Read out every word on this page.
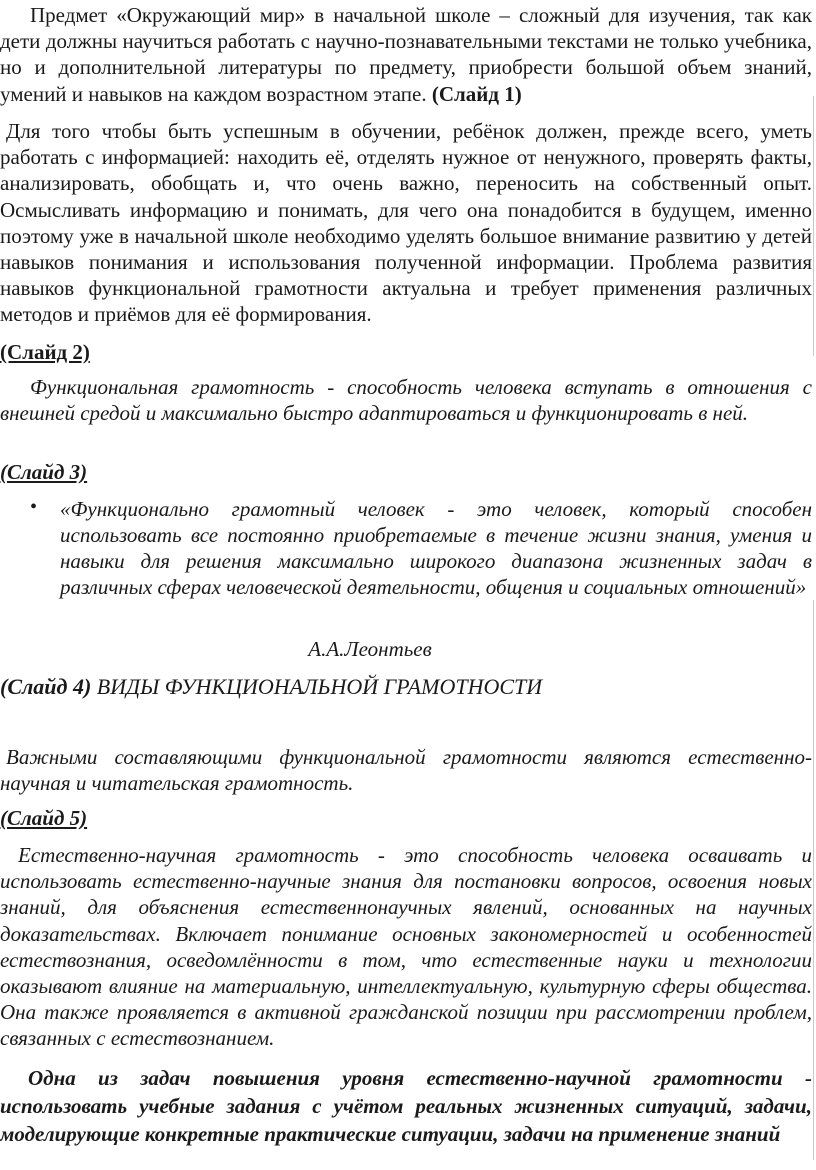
Предмет «Окружающий мир» в начальной школе – сложный для изучения, так как дети должны научиться работать с научно-познавательными текстами не только учебника, но и дополнительной литературы по предмету, приобрести большой объем знаний, умений и навыков на каждом возрастном этапе. (Слайд 1)

Для того чтобы быть успешным в обучении, ребёнок должен, прежде всего, уметь работать с информацией: находить её, отделять нужное от ненужного, проверять факты, анализировать, обобщать и, что очень важно, переносить на собственный опыт. Осмысливать информацию и понимать, для чего она понадобится в будущем, именно поэтому уже в начальной школе необходимо уделять большое внимание развитию у детей навыков понимания и использования полученной информации. Проблема развития навыков функциональной грамотности актуальна и требует применения различных методов и приёмов для её формирования.

(Слайд 2)

Функциональная грамотность - способность человека вступать в отношения с внешней средой и максимально быстро адаптироваться и функционировать в ней.

(Слайд 3)

• «Функционально грамотный человек - это человек, который способен использовать все постоянно приобретаемые в течение жизни знания, умения и навыки для решения максимально широкого диапазона жизненных задач в различных сферах человеческой деятельности, общения и социальных отношений»

А.А.Леонтьев

(Слайд 4) ВИДЫ ФУНКЦИОНАЛЬНОЙ ГРАМОТНОСТИ

Важными составляющими функциональной грамотности являются естественно-научная и читательская грамотность.

(Слайд 5)

Естественно-научная грамотность - это способность человека осваивать и использовать естественно-научные знания для постановки вопросов, освоения новых знаний, для объяснения естественнонаучных явлений, основанных на научных доказательствах. Включает понимание основных закономерностей и особенностей естествознания, осведомлённости в том, что естественные науки и технологии оказывают влияние на материальную, интеллектуальную, культурную сферы общества. Она также проявляется в активной гражданской позиции при рассмотрении проблем, связанных с естествознанием.

Одна из задач повышения уровня естественно-научной грамотности - использовать учебные задания с учётом реальных жизненных ситуаций, задачи, моделирующие конкретные практические ситуации, задачи на применение знаний
